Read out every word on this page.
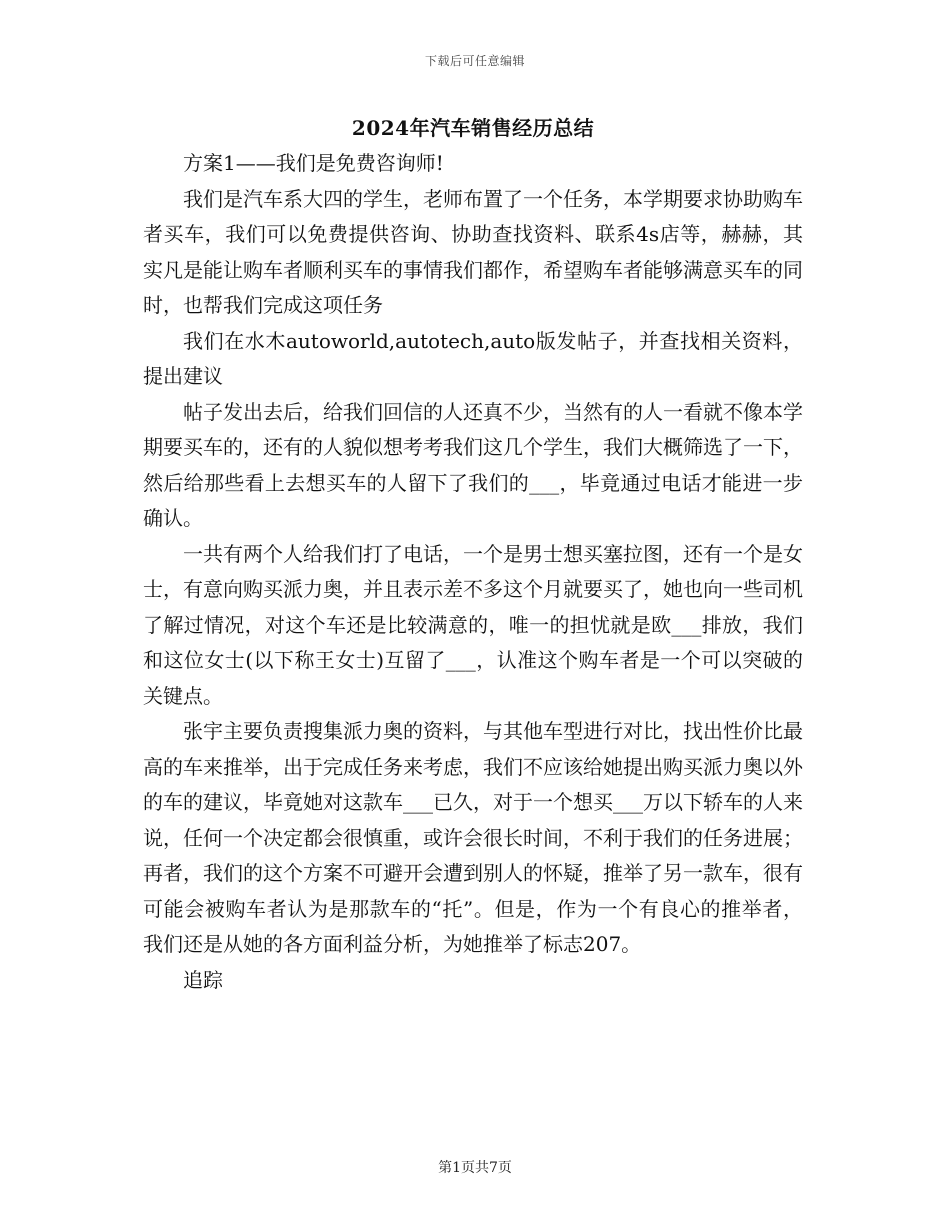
下载后可任意编辑
2024年汽车销售经历总结

方案1——我们是免费咨询师!

我们是汽车系大四的学生，老师布置了一个任务，本学期要求协助购车者买车，我们可以免费提供咨询、协助查找资料、联系4s店等，赫赫，其实凡是能让购车者顺利买车的事情我们都作，希望购车者能够满意买车的同时，也帮我们完成这项任务

我们在水木autoworld,autotech,auto版发帖子，并查找相关资料，提出建议

帖子发出去后，给我们回信的人还真不少，当然有的人一看就不像本学期要买车的，还有的人貌似想考考我们这几个学生，我们大概筛选了一下，然后给那些看上去想买车的人留下了我们的___，毕竟通过电话才能进一步确认。

一共有两个人给我们打了电话，一个是男士想买塞拉图，还有一个是女士，有意向购买派力奥，并且表示差不多这个月就要买了，她也向一些司机了解过情况，对这个车还是比较满意的，唯一的担忧就是欧___排放，我们和这位女士(以下称王女士)互留了___，认准这个购车者是一个可以突破的关键点。

张宇主要负责搜集派力奥的资料，与其他车型进行对比，找出性价比最高的车来推举，出于完成任务来考虑，我们不应该给她提出购买派力奥以外的车的建议，毕竟她对这款车___已久，对于一个想买___万以下轿车的人来说，任何一个决定都会很慎重，或许会很长时间，不利于我们的任务进展；再者，我们的这个方案不可避开会遭到别人的怀疑，推举了另一款车，很有可能会被购车者认为是那款车的“托”。但是，作为一个有良心的推举者，我们还是从她的各方面利益分析，为她推举了标志207。

追踪

第1页共7页
